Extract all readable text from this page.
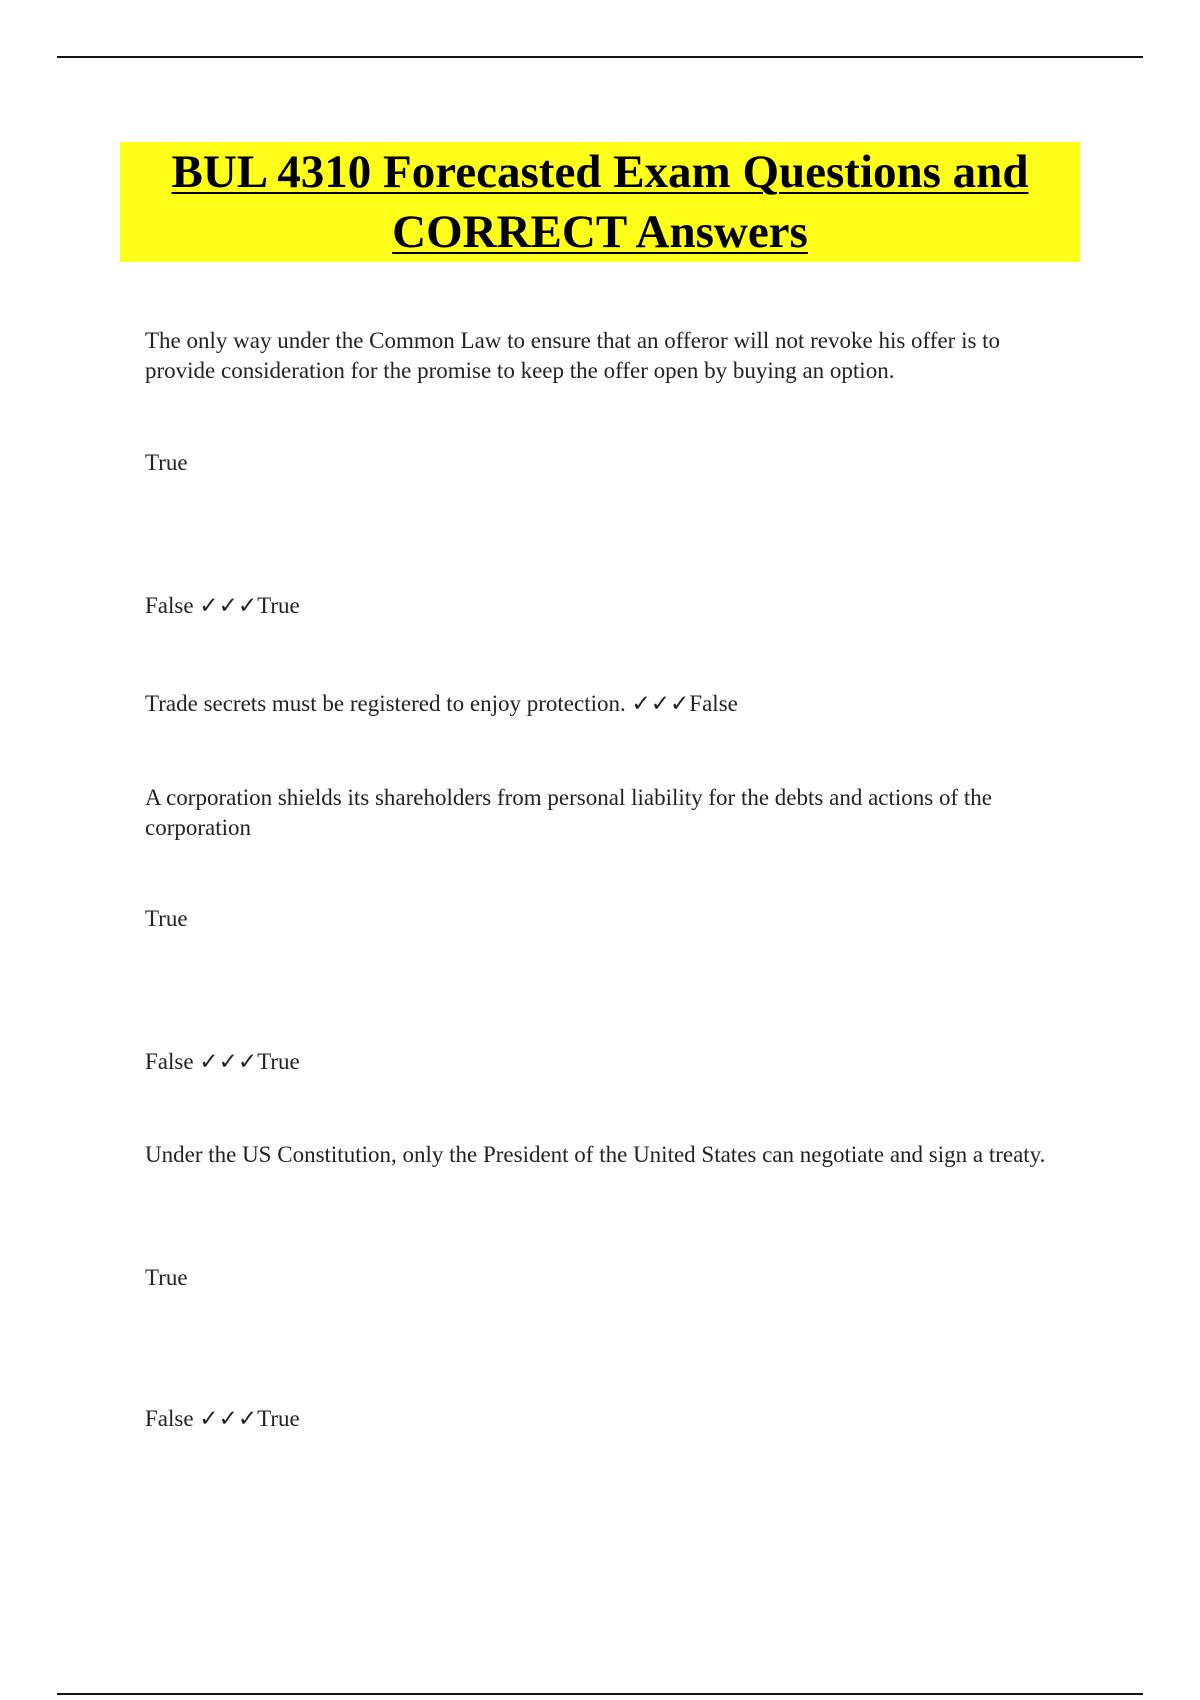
BUL 4310 Forecasted Exam Questions and
CORRECT Answers

The only way under the Common Law to ensure that an offeror will not revoke his offer is to provide consideration for the promise to keep the offer open by buying an option.

True

False ✓✓✓True

Trade secrets must be registered to enjoy protection. ✓✓✓False

A corporation shields its shareholders from personal liability for the debts and actions of the corporation

True

False ✓✓✓True

Under the US Constitution, only the President of the United States can negotiate and sign a treaty.

True

False ✓✓✓True
